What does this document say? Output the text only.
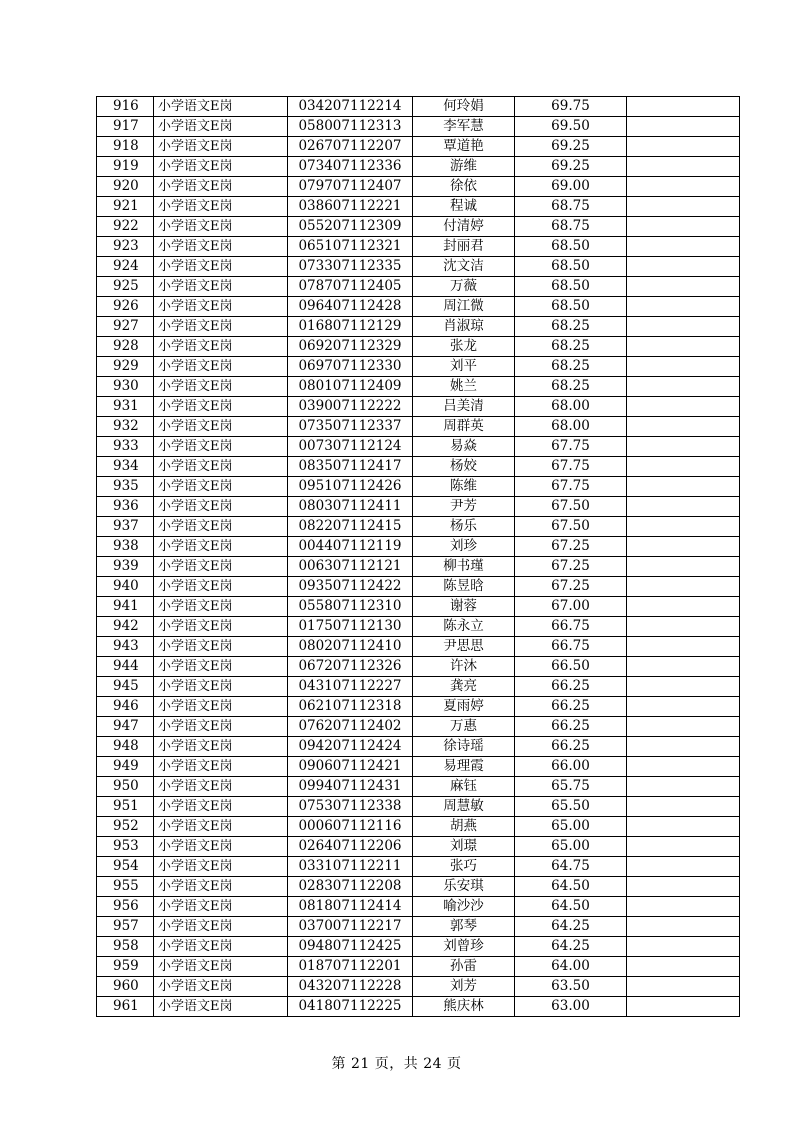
916	小学语文E岗	034207112214	何玲娟	69.75	
917	小学语文E岗	058007112313	李军慧	69.50	
918	小学语文E岗	026707112207	覃道艳	69.25	
919	小学语文E岗	073407112336	游维	69.25	
920	小学语文E岗	079707112407	徐依	69.00	
921	小学语文E岗	038607112221	程诚	68.75	
922	小学语文E岗	055207112309	付清婷	68.75	
923	小学语文E岗	065107112321	封丽君	68.50	
924	小学语文E岗	073307112335	沈文洁	68.50	
925	小学语文E岗	078707112405	万薇	68.50	
926	小学语文E岗	096407112428	周江微	68.50	
927	小学语文E岗	016807112129	肖淑琼	68.25	
928	小学语文E岗	069207112329	张龙	68.25	
929	小学语文E岗	069707112330	刘平	68.25	
930	小学语文E岗	080107112409	姚兰	68.25	
931	小学语文E岗	039007112222	吕美清	68.00	
932	小学语文E岗	073507112337	周群英	68.00	
933	小学语文E岗	007307112124	易焱	67.75	
934	小学语文E岗	083507112417	杨姣	67.75	
935	小学语文E岗	095107112426	陈维	67.75	
936	小学语文E岗	080307112411	尹芳	67.50	
937	小学语文E岗	082207112415	杨乐	67.50	
938	小学语文E岗	004407112119	刘珍	67.25	
939	小学语文E岗	006307112121	柳书瑾	67.25	
940	小学语文E岗	093507112422	陈昱晗	67.25	
941	小学语文E岗	055807112310	谢蓉	67.00	
942	小学语文E岗	017507112130	陈永立	66.75	
943	小学语文E岗	080207112410	尹思思	66.75	
944	小学语文E岗	067207112326	许沐	66.50	
945	小学语文E岗	043107112227	龚亮	66.25	
946	小学语文E岗	062107112318	夏雨婷	66.25	
947	小学语文E岗	076207112402	万惠	66.25	
948	小学语文E岗	094207112424	徐诗瑶	66.25	
949	小学语文E岗	090607112421	易理霞	66.00	
950	小学语文E岗	099407112431	麻钰	65.75	
951	小学语文E岗	075307112338	周慧敏	65.50	
952	小学语文E岗	000607112116	胡燕	65.00	
953	小学语文E岗	026407112206	刘璟	65.00	
954	小学语文E岗	033107112211	张巧	64.75	
955	小学语文E岗	028307112208	乐安琪	64.50	
956	小学语文E岗	081807112414	喻沙沙	64.50	
957	小学语文E岗	037007112217	郭琴	64.25	
958	小学语文E岗	094807112425	刘曾珍	64.25	
959	小学语文E岗	018707112201	孙雷	64.00	
960	小学语文E岗	043207112228	刘芳	63.50	
961	小学语文E岗	041807112225	熊庆林	63.00	
第 21 页，共 24 页
